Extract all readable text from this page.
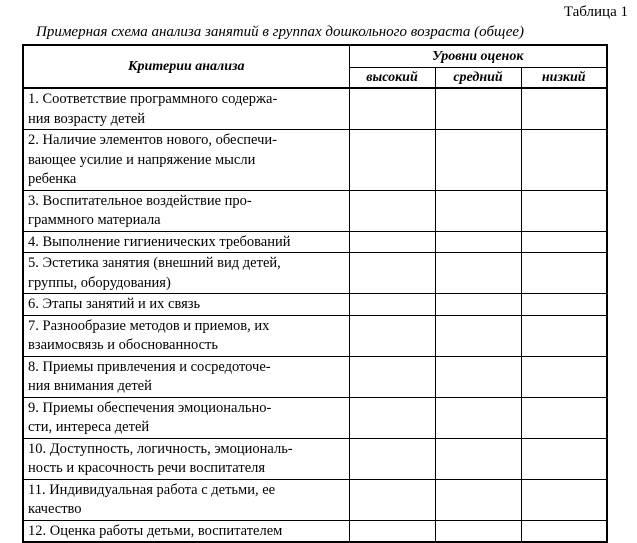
Таблица 1
Примерная схема анализа занятий в группах дошкольного возраста (общее)
Критерии анализа	Уровни оценок		
	высокий	средний	низкий

1. Соответствие программного содержа-
ния возрасту детей			

2. Наличие элементов нового, обеспечи-
вающее усилие и напряжение мысли
ребенка			

3. Воспитательное воздействие про-
граммного материала			

4. Выполнение гигиенических требований			

5. Эстетика занятия (внешний вид детей,
группы, оборудования)			

6. Этапы занятий и их связь			

7. Разнообразие методов и приемов, их
взаимосвязь и обоснованность			

8. Приемы привлечения и сосредоточе-
ния внимания детей			

9. Приемы обеспечения эмоционально-
сти, интереса детей			

10. Доступность, логичность, эмоциональ-
ность и красочность речи воспитателя			

11. Индивидуальная работа с детьми, ее
качество			

12. Оценка работы детьми, воспитателем			
